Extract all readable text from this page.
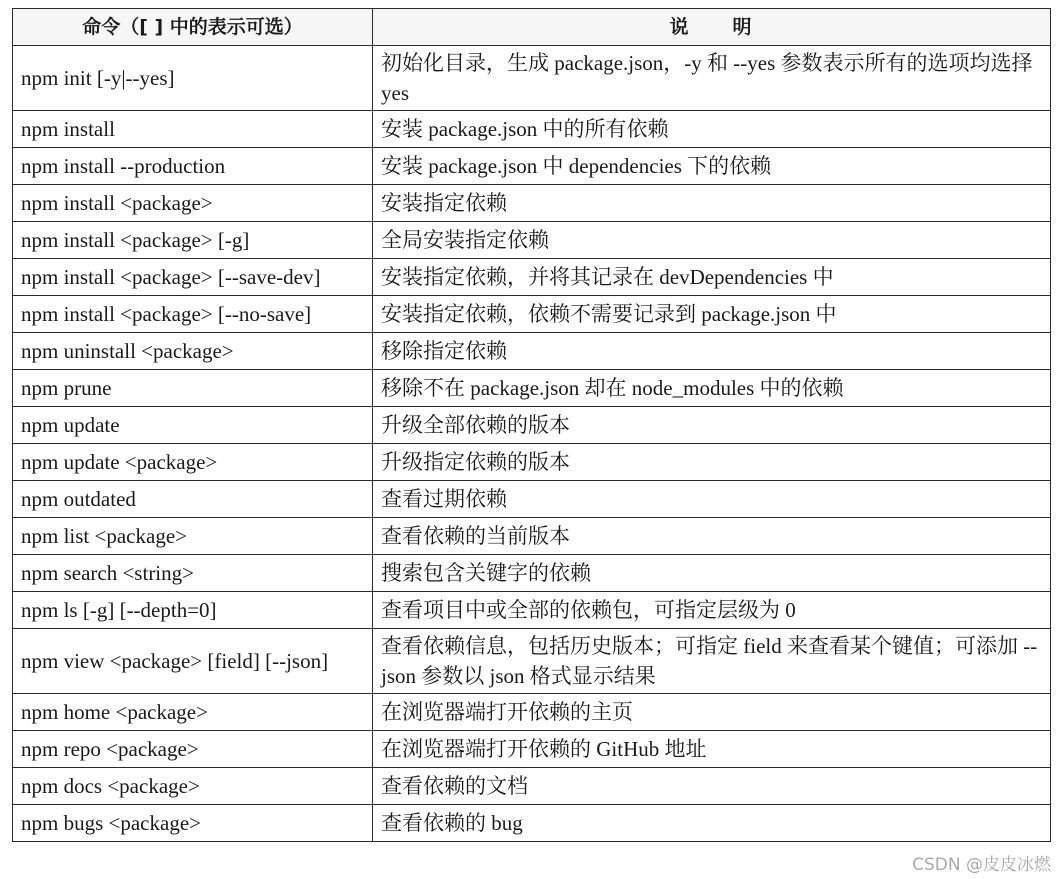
命令（[ ] 中的表示可选）	说　　明
npm init [-y|--yes]	初始化目录，生成 package.json，-y 和 --yes 参数表示所有的选项均选择 yes
npm install	安装 package.json 中的所有依赖
npm install --production	安装 package.json 中 dependencies 下的依赖
npm install <package>	安装指定依赖
npm install <package> [-g]	全局安装指定依赖
npm install <package> [--save-dev]	安装指定依赖，并将其记录在 devDependencies 中
npm install <package> [--no-save]	安装指定依赖，依赖不需要记录到 package.json 中
npm uninstall <package>	移除指定依赖
npm prune	移除不在 package.json 却在 node_modules 中的依赖
npm update	升级全部依赖的版本
npm update <package>	升级指定依赖的版本
npm outdated	查看过期依赖
npm list <package>	查看依赖的当前版本
npm search <string>	搜索包含关键字的依赖
npm ls [-g] [--depth=0]	查看项目中或全部的依赖包，可指定层级为 0
npm view <package> [field] [--json]	查看依赖信息，包括历史版本；可指定 field 来查看某个键值；可添加 --json 参数以 json 格式显示结果
npm home <package>	在浏览器端打开依赖的主页
npm repo <package>	在浏览器端打开依赖的 GitHub 地址
npm docs <package>	查看依赖的文档
npm bugs <package>	查看依赖的 bug
CSDN @皮皮冰燃
